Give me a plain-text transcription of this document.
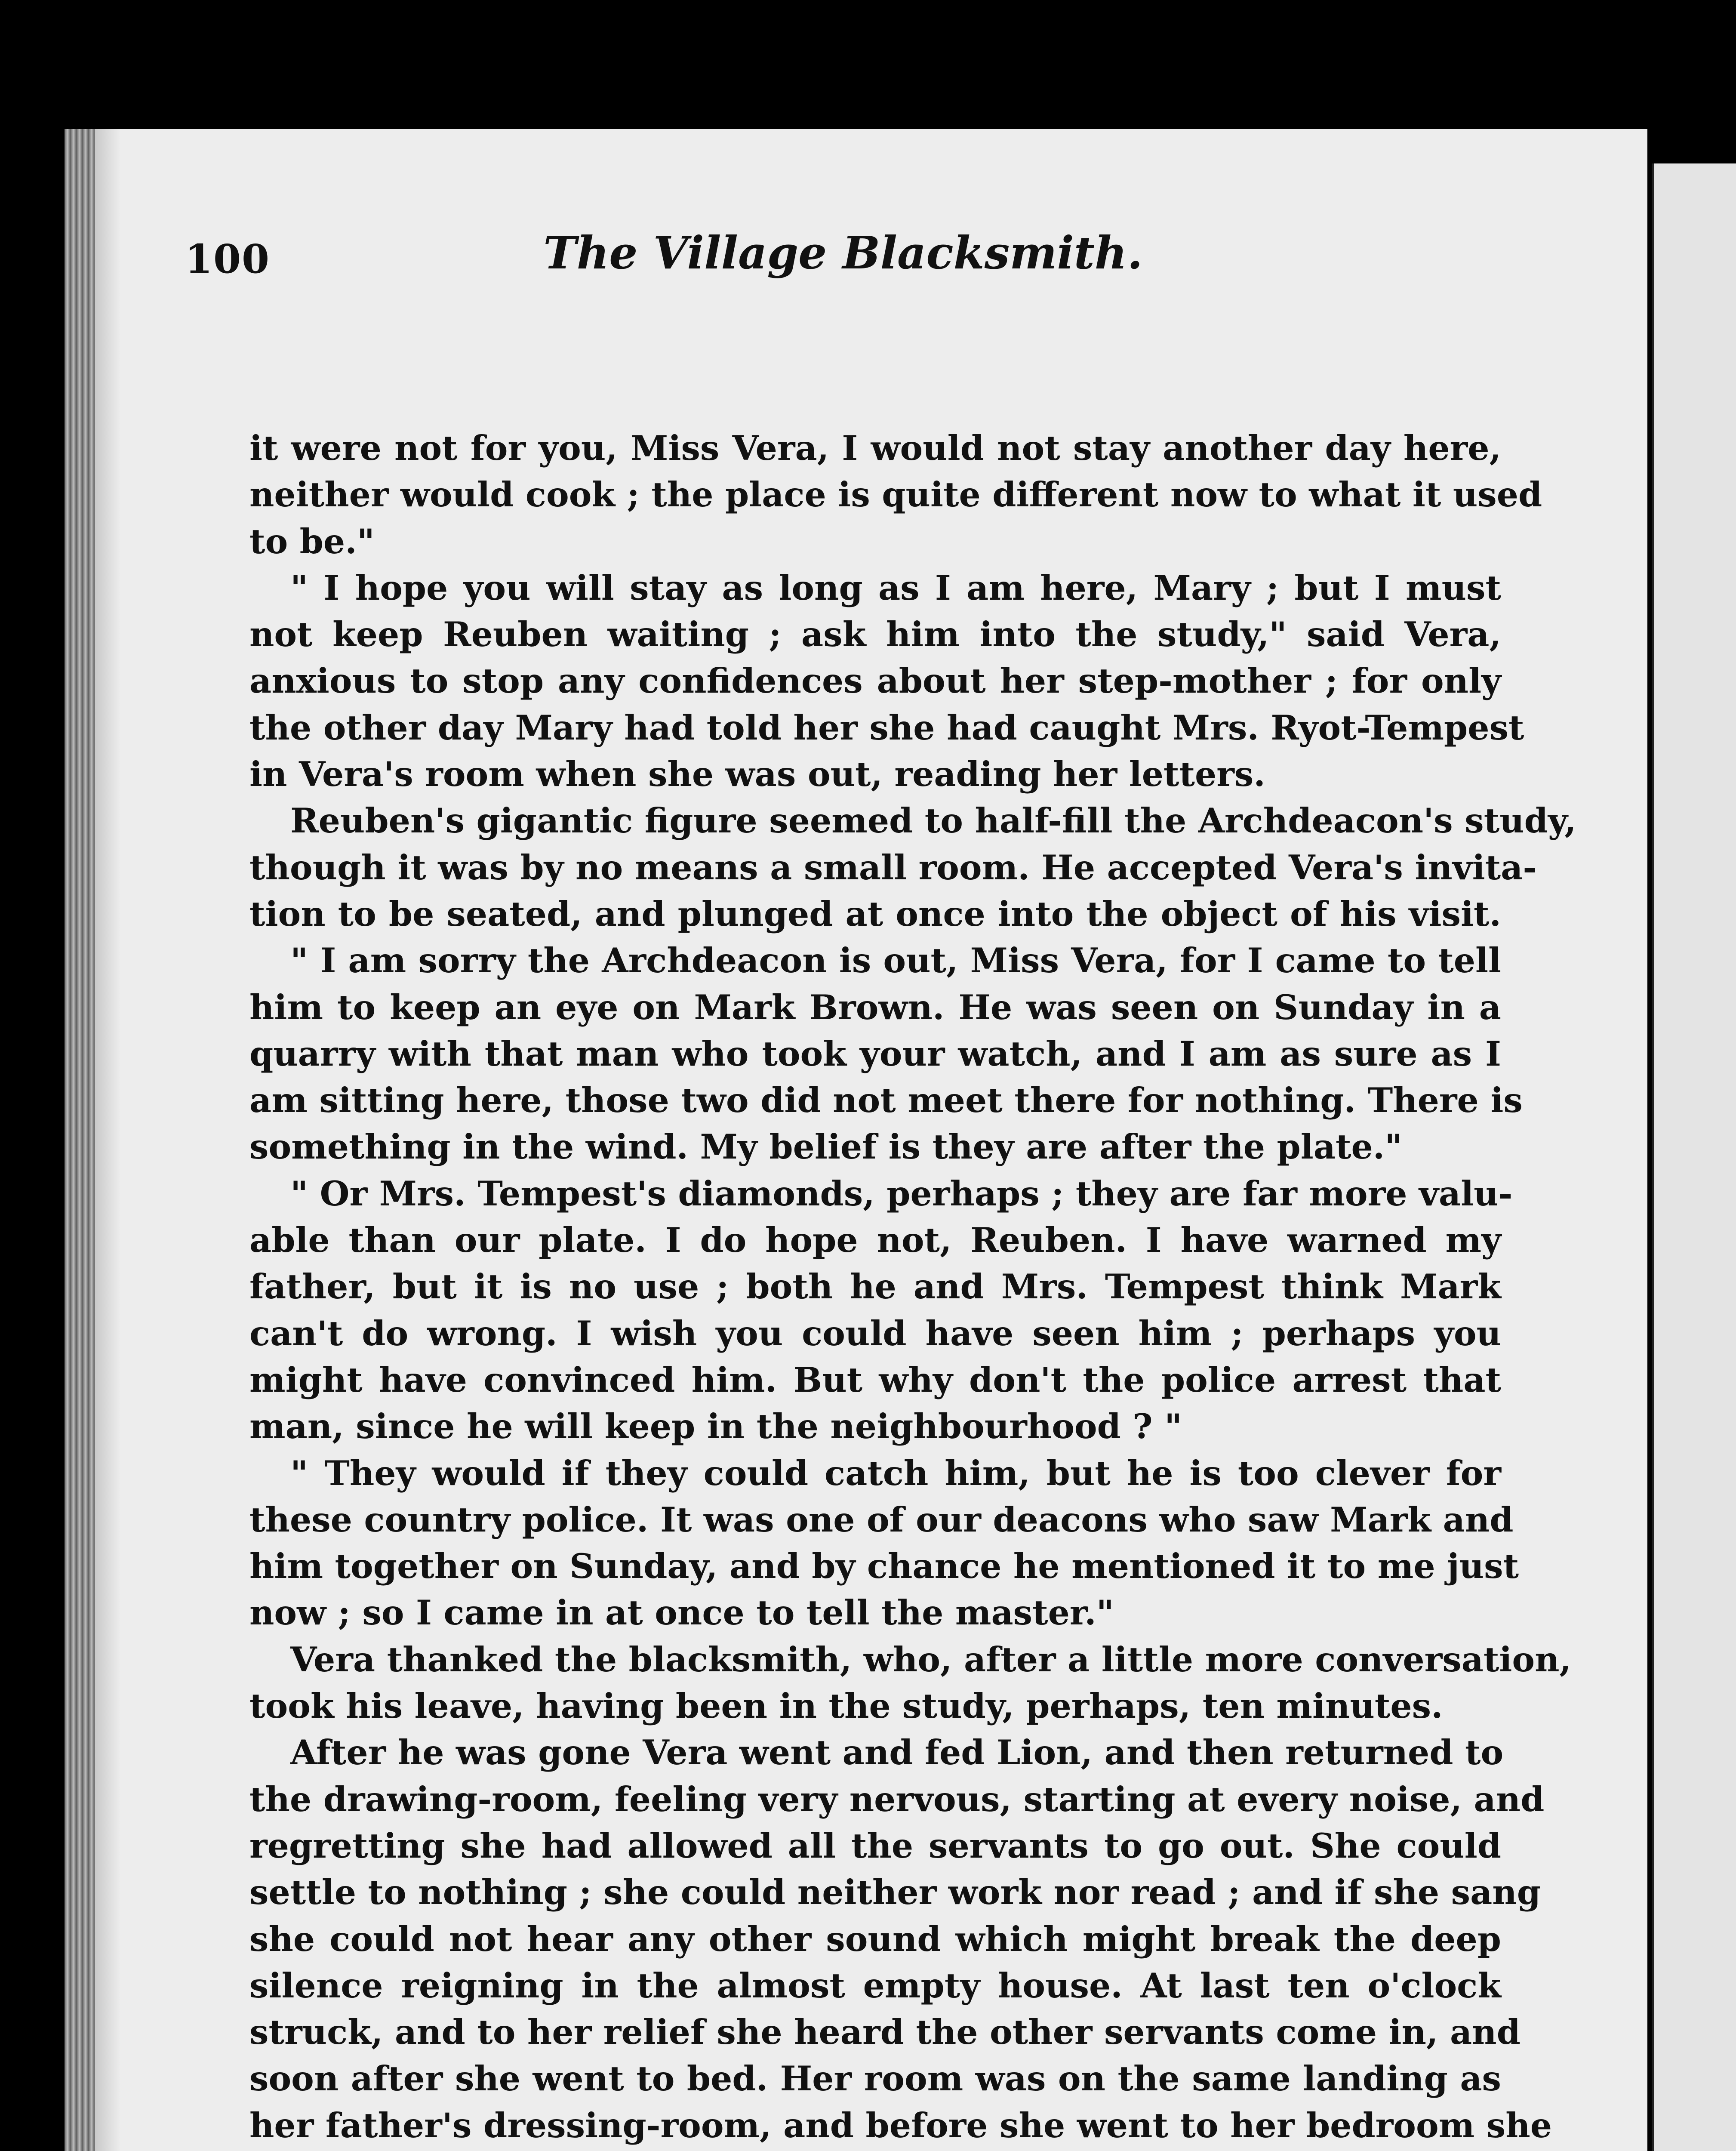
100	The Village Blacksmith.
it were not for you, Miss Vera, I would not stay another day here,
neither would cook ; the place is quite different now to what it used
to be."
" I hope you will stay as long as I am here, Mary ; but I must
not keep Reuben waiting ; ask him into the study," said Vera,
anxious to stop any confidences about her step-mother ; for only
the other day Mary had told her she had caught Mrs. Ryot-Tempest
in Vera's room when she was out, reading her letters.
Reuben's gigantic figure seemed to half-fill the Archdeacon's study,
though it was by no means a small room. He accepted Vera's invita-
tion to be seated, and plunged at once into the object of his visit.
" I am sorry the Archdeacon is out, Miss Vera, for I came to tell
him to keep an eye on Mark Brown. He was seen on Sunday in a
quarry with that man who took your watch, and I am as sure as I
am sitting here, those two did not meet there for nothing. There is
something in the wind. My belief is they are after the plate."
" Or Mrs. Tempest's diamonds, perhaps ; they are far more valu-
able than our plate. I do hope not, Reuben. I have warned my
father, but it is no use ; both he and Mrs. Tempest think Mark
can't do wrong. I wish you could have seen him ; perhaps you
might have convinced him. But why don't the police arrest that
man, since he will keep in the neighbourhood ? "
" They would if they could catch him, but he is too clever for
these country police. It was one of our deacons who saw Mark and
him together on Sunday, and by chance he mentioned it to me just
now ; so I came in at once to tell the master."
Vera thanked the blacksmith, who, after a little more conversation,
took his leave, having been in the study, perhaps, ten minutes.
After he was gone Vera went and fed Lion, and then returned to
the drawing-room, feeling very nervous, starting at every noise, and
regretting she had allowed all the servants to go out. She could
settle to nothing ; she could neither work nor read ; and if she sang
she could not hear any other sound which might break the deep
silence reigning in the almost empty house. At last ten o'clock
struck, and to her relief she heard the other servants come in, and
soon after she went to bed. Her room was on the same landing as
her father's dressing-room, and before she went to her bedroom she
